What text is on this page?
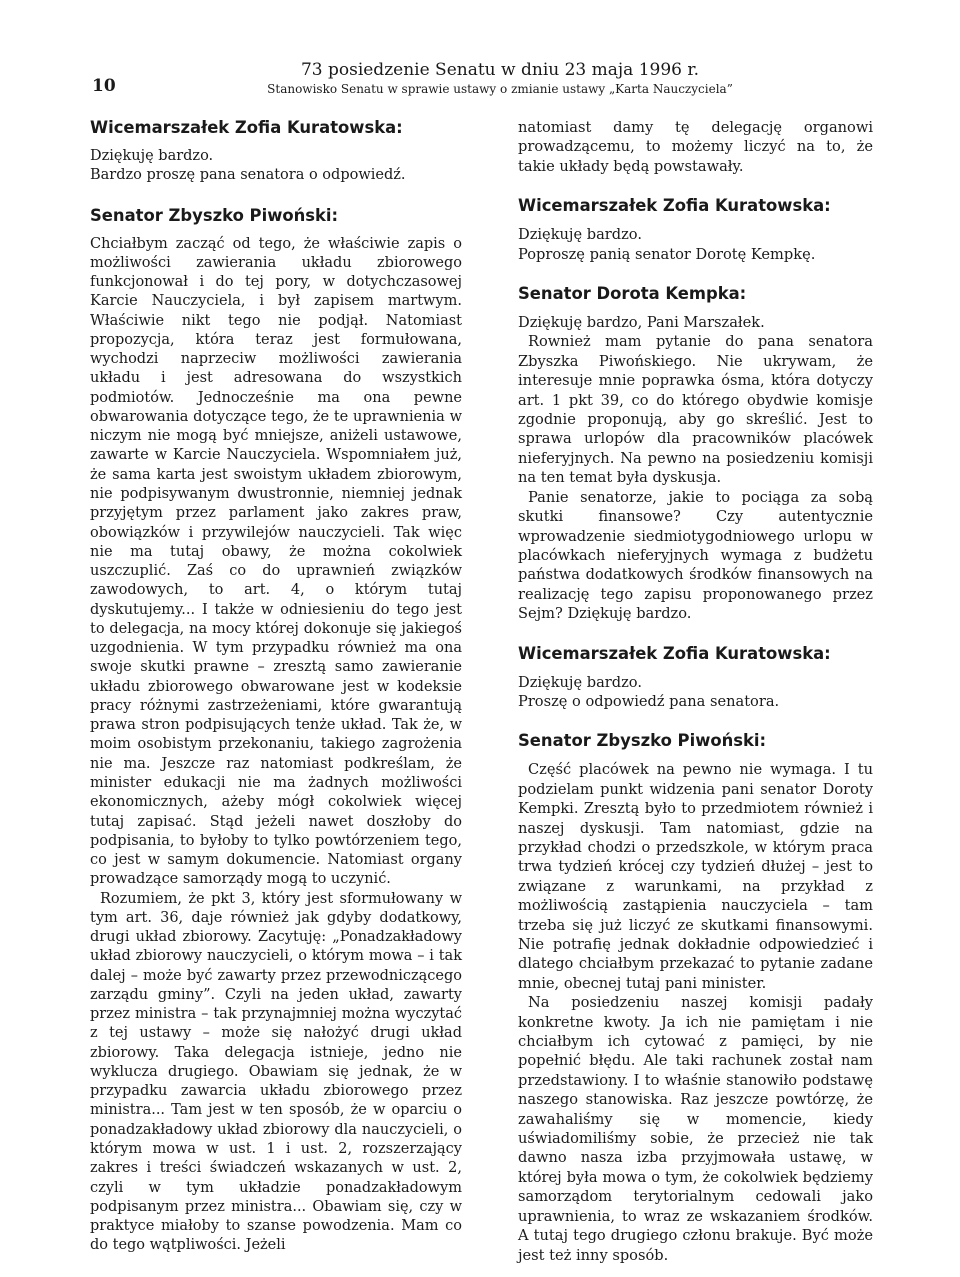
10
73 posiedzenie Senatu w dniu 23 maja 1996 r.
Stanowisko Senatu w sprawie ustawy o zmianie ustawy „Karta Nauczyciela”
Wicemarszałek Zofia Kuratowska:

Dziękuję bardzo.

Bardzo proszę pana senatora o odpowiedź.

Senator Zbyszko Piwoński:

Chciałbym zacząć od tego, że właściwie zapis o możliwości zawierania układu zbiorowego funkcjonował i do tej pory, w dotychczasowej Karcie Nauczyciela, i był zapisem martwym. Właściwie nikt tego nie podjął. Natomiast propozycja, która teraz jest formułowana, wychodzi naprzeciw możliwości zawierania układu i jest adresowana do wszystkich podmiotów. Jednocześnie ma ona pewne obwarowania dotyczące tego, że te uprawnienia w niczym nie mogą być mniejsze, aniżeli ustawowe, zawarte w Karcie Nauczyciela. Wspomniałem już, że sama karta jest swoistym układem zbiorowym, nie podpisywanym dwustronnie, niemniej jednak przyjętym przez parlament jako zakres praw, obowiązków i przywilejów nauczycieli. Tak więc nie ma tutaj obawy, że można cokolwiek uszczuplić. Zaś co do uprawnień związków zawodowych, to art. 4, o którym tutaj dyskutujemy... I także w odniesieniu do tego jest to delegacja, na mocy której dokonuje się jakiegoś uzgodnienia. W tym przypadku również ma ona swoje skutki prawne – zresztą samo zawieranie układu zbiorowego obwarowane jest w kodeksie pracy różnymi zastrzeżeniami, które gwarantują prawa stron podpisujących tenże układ. Tak że, w moim osobistym przekonaniu, takiego zagrożenia nie ma. Jeszcze raz natomiast podkreślam, że minister edukacji nie ma żadnych możliwości ekonomicznych, ażeby mógł cokolwiek więcej tutaj zapisać. Stąd jeżeli nawet doszłoby do podpisania, to byłoby to tylko powtórzeniem tego, co jest w samym dokumencie. Natomiast organy prowadzące samorządy mogą to uczynić.

Rozumiem, że pkt 3, który jest sformułowany w tym art. 36, daje również jak gdyby dodatkowy, drugi układ zbiorowy. Zacytuję: „Ponadzakładowy układ zbiorowy nauczycieli, o którym mowa – i tak dalej – może być zawarty przez przewodniczącego zarządu gminy”. Czyli na jeden układ, zawarty przez ministra – tak przynajmniej można wyczytać z tej ustawy – może się nałożyć drugi układ zbiorowy. Taka delegacja istnieje, jedno nie wyklucza drugiego. Obawiam się jednak, że w przypadku zawarcia układu zbiorowego przez ministra... Tam jest w ten sposób, że w oparciu o ponadzakładowy układ zbiorowy dla nauczycieli, o którym mowa w ust. 1 i ust. 2, rozszerzający zakres i treści świadczeń wskazanych w ust. 2, czyli w tym układzie ponadzakładowym podpisanym przez ministra... Obawiam się, czy w praktyce miałoby to szanse powodzenia. Mam co do tego wątpliwości. Jeżeli

natomiast damy tę delegację organowi prowadzącemu, to możemy liczyć na to, że takie układy będą powstawały.

Wicemarszałek Zofia Kuratowska:

Dziękuję bardzo.

Poproszę panią senator Dorotę Kempkę.

Senator Dorota Kempka:

Dziękuję bardzo, Pani Marszałek.

Rownież mam pytanie do pana senatora Zbyszka Piwońskiego. Nie ukrywam, że interesuje mnie poprawka ósma, która dotyczy art. 1 pkt 39, co do którego obydwie komisje zgodnie proponują, aby go skreślić. Jest to sprawa urlopów dla pracowników placówek nieferyjnych. Na pewno na posiedzeniu komisji na ten temat była dyskusja.

Panie senatorze, jakie to pociąga za sobą skutki finansowe? Czy autentycznie wprowadzenie siedmiotygodniowego urlopu w placówkach nieferyjnych wymaga z budżetu państwa dodatkowych środków finansowych na realizację tego zapisu proponowanego przez Sejm? Dziękuję bardzo.

Wicemarszałek Zofia Kuratowska:

Dziękuję bardzo.

Proszę o odpowiedź pana senatora.

Senator Zbyszko Piwoński:

Część placówek na pewno nie wymaga. I tu podzielam punkt widzenia pani senator Doroty Kempki. Zresztą było to przedmiotem również i naszej dyskusji. Tam natomiast, gdzie na przykład chodzi o przedszkole, w którym praca trwa tydzień krócej czy tydzień dłużej – jest to związane z warunkami, na przykład z możliwością zastąpienia nauczyciela – tam trzeba się już liczyć ze skutkami finansowymi. Nie potrafię jednak dokładnie odpowiedzieć i dlatego chciałbym przekazać to pytanie zadane mnie, obecnej tutaj pani minister.

Na posiedzeniu naszej komisji padały konkretne kwoty. Ja ich nie pamiętam i nie chciałbym ich cytować z pamięci, by nie popełnić błędu. Ale taki rachunek został nam przedstawiony. I to właśnie stanowiło podstawę naszego stanowiska. Raz jeszcze powtórzę, że zawahaliśmy się w momencie, kiedy uświadomiliśmy sobie, że przecież nie tak dawno nasza izba przyjmowała ustawę, w której była mowa o tym, że cokolwiek będziemy samorządom terytorialnym cedowali jako uprawnienia, to wraz ze wskazaniem środków. A tutaj tego drugiego członu brakuje. Być może jest też inny sposób.
